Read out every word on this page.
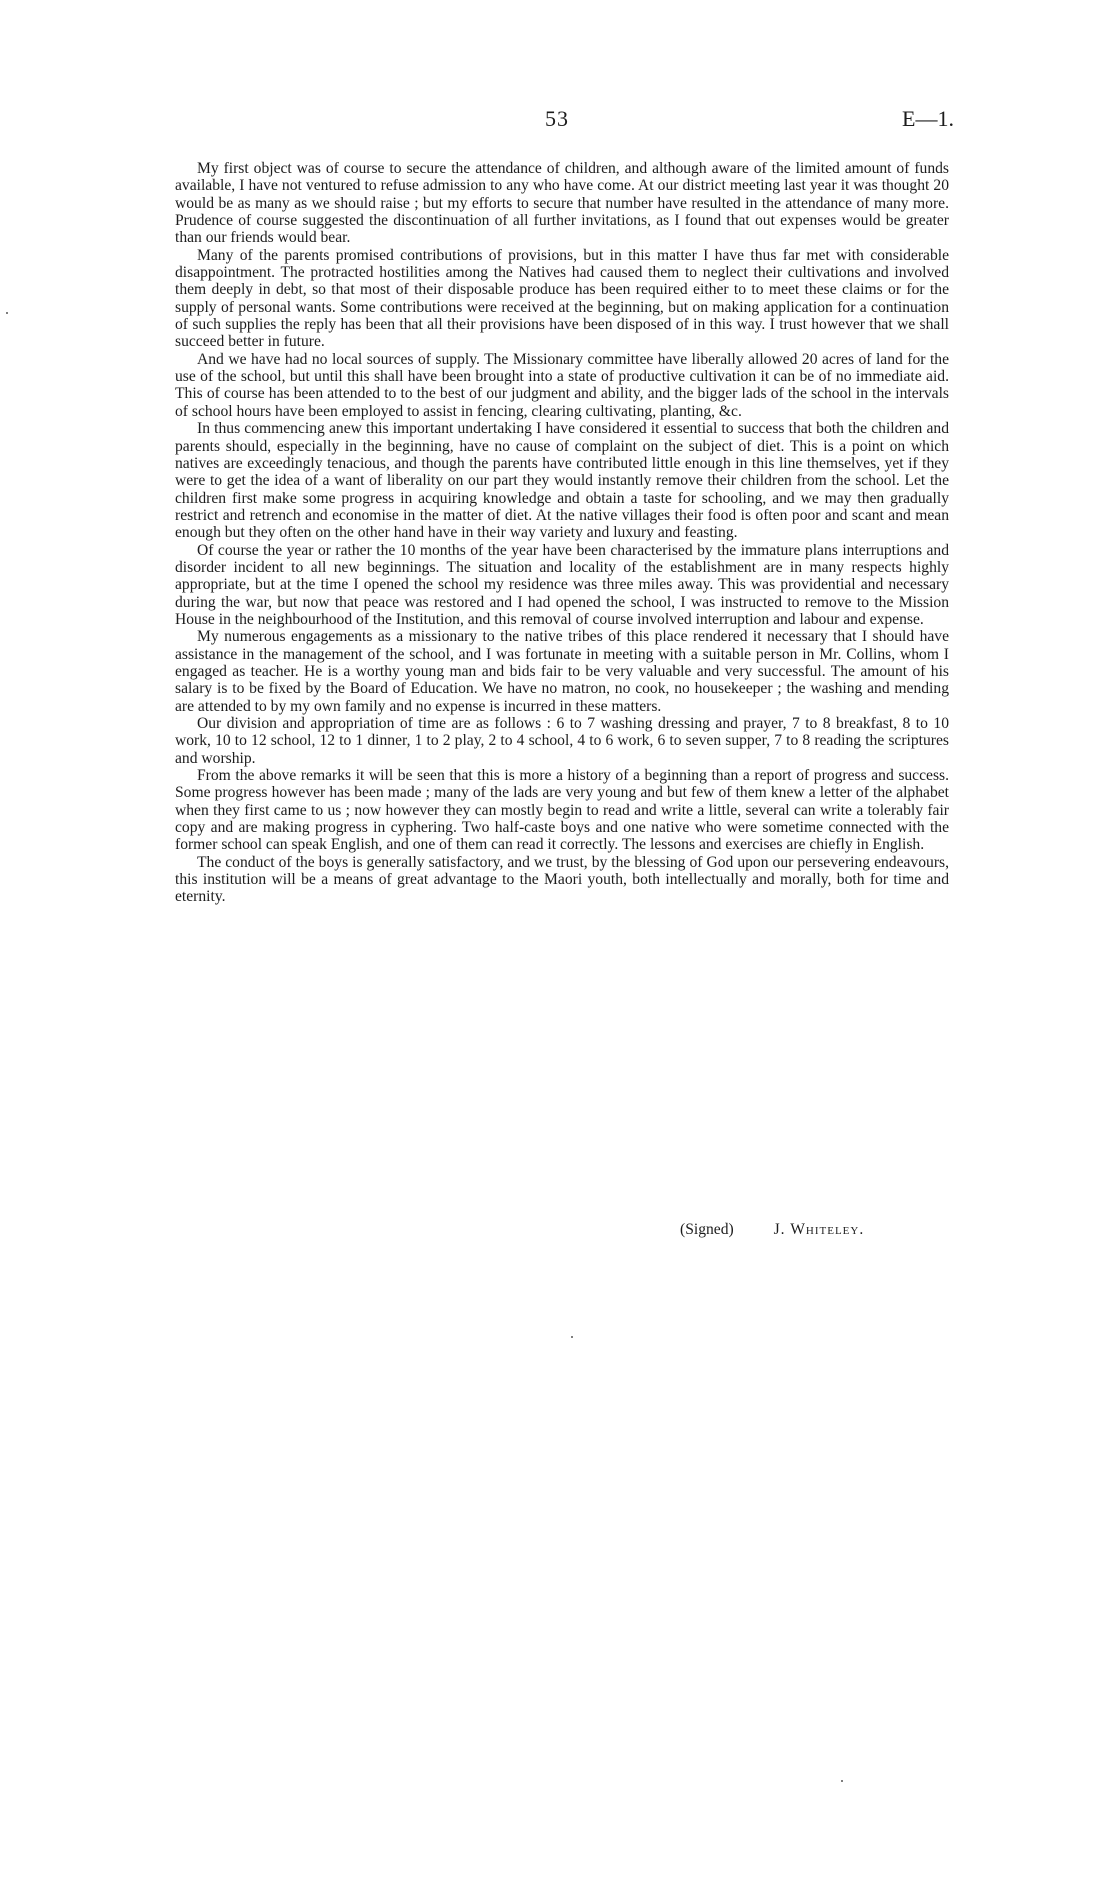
53	E—1.

My first object was of course to secure the attendance of children, and although aware of the limited amount of funds available, I have not ventured to refuse admission to any who have come. At our district meeting last year it was thought 20 would be as many as we should raise ; but my efforts to secure that number have resulted in the attendance of many more. Prudence of course suggested the discontinuation of all further invitations, as I found that out expenses would be greater than our friends would bear.

Many of the parents promised contributions of provisions, but in this matter I have thus far met with considerable disappointment. The protracted hostilities among the Natives had caused them to neglect their cultivations and involved them deeply in debt, so that most of their disposable produce has been required either to to meet these claims or for the supply of personal wants. Some contributions were received at the beginning, but on making application for a continuation of such supplies the reply has been that all their provisions have been disposed of in this way. I trust however that we shall succeed better in future.

And we have had no local sources of supply. The Missionary committee have liberally allowed 20 acres of land for the use of the school, but until this shall have been brought into a state of productive cultivation it can be of no immediate aid. This of course has been attended to to the best of our judgment and ability, and the bigger lads of the school in the intervals of school hours have been employed to assist in fencing, clearing cultivating, planting, &c.

In thus commencing anew this important undertaking I have considered it essential to success that both the children and parents should, especially in the beginning, have no cause of complaint on the subject of diet. This is a point on which natives are exceedingly tenacious, and though the parents have contributed little enough in this line themselves, yet if they were to get the idea of a want of liberality on our part they would instantly remove their children from the school. Let the children first make some progress in acquiring knowledge and obtain a taste for schooling, and we may then gradually restrict and retrench and economise in the matter of diet. At the native villages their food is often poor and scant and mean enough but they often on the other hand have in their way variety and luxury and feasting.

Of course the year or rather the 10 months of the year have been characterised by the immature plans interruptions and disorder incident to all new beginnings. The situation and locality of the establishment are in many respects highly appropriate, but at the time I opened the school my residence was three miles away. This was providential and necessary during the war, but now that peace was restored and I had opened the school, I was instructed to remove to the Mission House in the neighbourhood of the Institution, and this removal of course involved interruption and labour and expense.

My numerous engagements as a missionary to the native tribes of this place rendered it necessary that I should have assistance in the management of the school, and I was fortunate in meeting with a suitable person in Mr. Collins, whom I engaged as teacher. He is a worthy young man and bids fair to be very valuable and very successful. The amount of his salary is to be fixed by the Board of Education. We have no matron, no cook, no housekeeper ; the washing and mending are attended to by my own family and no expense is incurred in these matters.

Our division and appropriation of time are as follows : 6 to 7 washing dressing and prayer, 7 to 8 breakfast, 8 to 10 work, 10 to 12 school, 12 to 1 dinner, 1 to 2 play, 2 to 4 school, 4 to 6 work, 6 to seven supper, 7 to 8 reading the scriptures and worship.

From the above remarks it will be seen that this is more a history of a beginning than a report of progress and success. Some progress however has been made ; many of the lads are very young and but few of them knew a letter of the alphabet when they first came to us ; now however they can mostly begin to read and write a little, several can write a tolerably fair copy and are making progress in cyphering. Two half-caste boys and one native who were sometime connected with the former school can speak English, and one of them can read it correctly. The lessons and exercises are chiefly in English.

The conduct of the boys is generally satisfactory, and we trust, by the blessing of God upon our persevering endeavours, this institution will be a means of great advantage to the Maori youth, both intellectually and morally, both for time and eternity.

(Signed)	J. Whiteley.
